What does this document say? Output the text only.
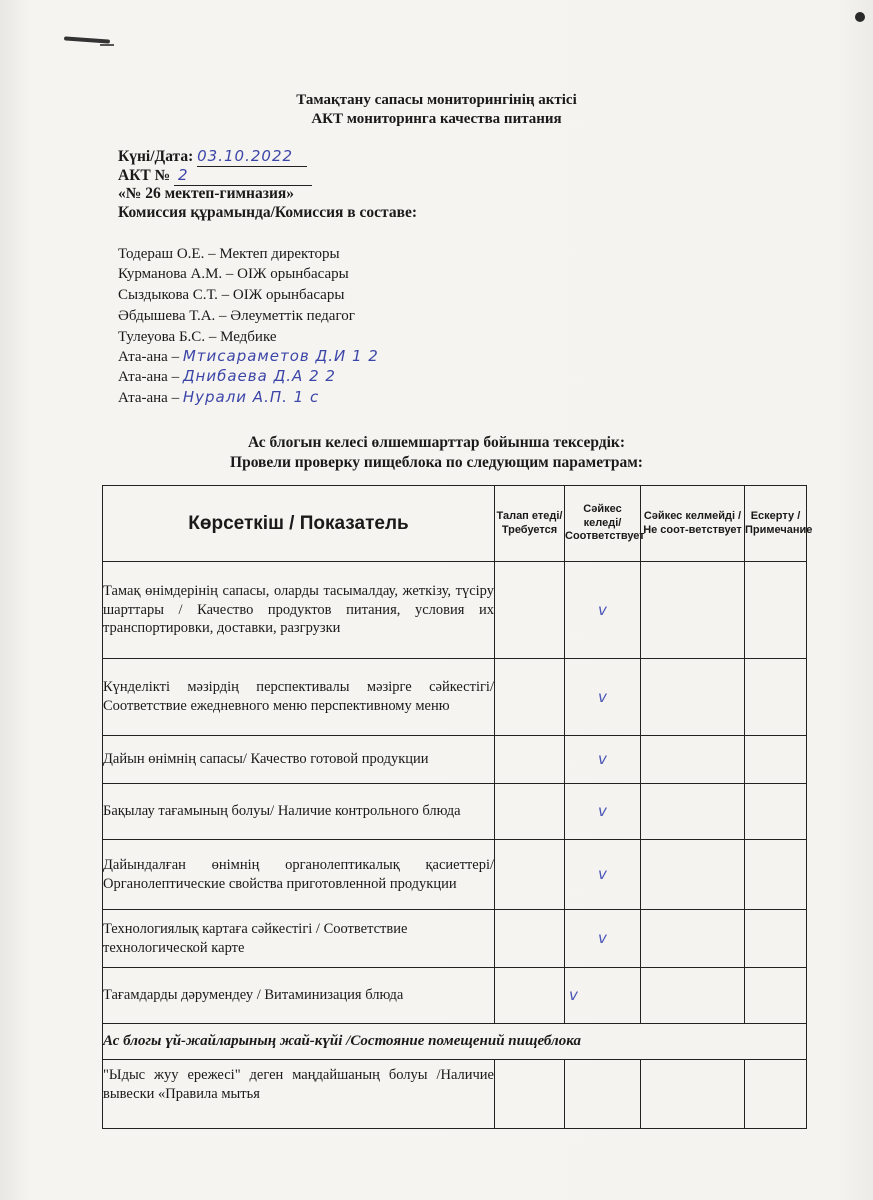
Тамақтану сапасы мониторингінің актісі
АКТ мониторинга качества питания
Күні/Дата: 03.10.2022
АКТ № 2
«№ 26 мектеп-гимназия»
Комиссия құрамында/Комиссия в составе:
Тодераш О.Е. – Мектеп директоры
Курманова А.М. – ОІЖ орынбасары
Сыздыкова С.Т. – ОІЖ орынбасары
Әбдышева Т.А. – Әлеуметтік педагог
Тулеуова Б.С. – Медбике
Ата-ана – Мтисараметов Д.И 1 2
Ата-ана – Днибаева Д.А 2 2
Ата-ана – Нурали А.П. 1 с
Ас блогын келесі өлшемшарттар бойынша тексердік:
Провели проверку пищеблока по следующим параметрам:
Көрсеткіш / Показатель	Талап етеді/ Требуется	Сәйкес келеді/ Соответствует	Сәйкес келмейді / Не соот-ветствует	Ескерту /Примечание
Тамақ өнімдерінің сапасы, оларды тасымалдау, жеткізу, түсіру шарттары / Качество продуктов питания, условия их транспортировки, доставки, разгрузки		v		
Күнделікті мәзірдің перспективалы мәзірге сәйкестігі/ Соответствие ежедневного меню перспективному меню		v		
Дайын өнімнің сапасы/ Качество готовой продукции		v		
Бақылау тағамының болуы/ Наличие контрольного блюда		v		
Дайындалған өнімнің органолептикалық қасиеттері/Органолептические свойства приготовленной продукции		v		
Технологиялық картаға сәйкестігі / Соответствие технологической карте		v		
Тағамдарды дәрумендеу / Витаминизация блюда		v		
Ас блогы үй-жайларының жай-күйі /Состояние помещений пищеблока				
"Ыдыс жуу ережесі" деген маңдайшаның болуы /Наличие вывески «Правила мытья				
